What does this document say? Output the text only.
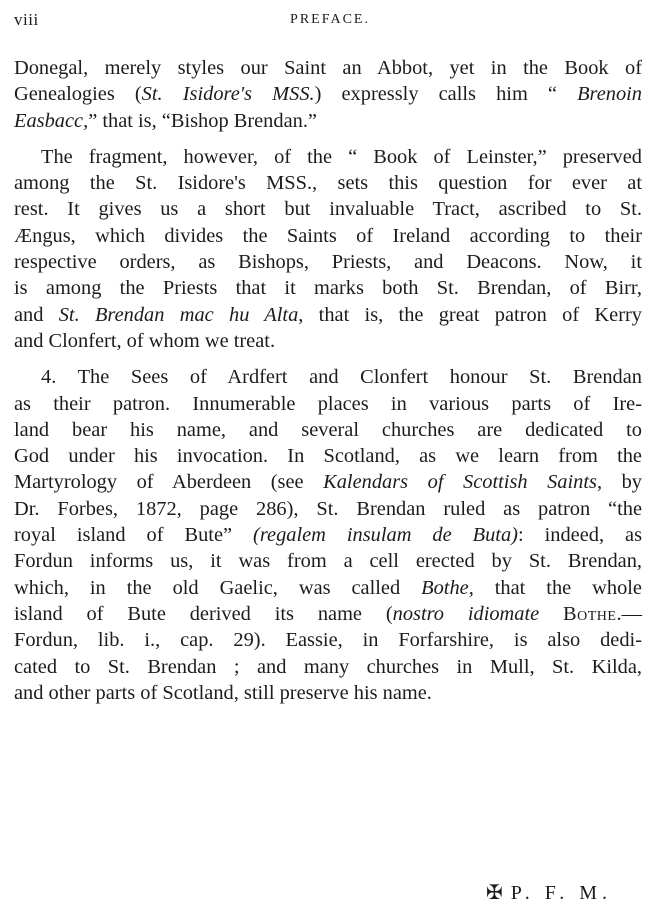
viii	PREFACE.
Donegal, merely styles our Saint an Abbot, yet in the Book of
Genealogies (St. Isidore's MSS.) expressly calls him “ Brenoin
Easbacc,” that is, “Bishop Brendan.”
The fragment, however, of the “ Book of Leinster,” preserved
among the St. Isidore's MSS., sets this question for ever at
rest. It gives us a short but invaluable Tract, ascribed to St.
Ængus, which divides the Saints of Ireland according to their
respective orders, as Bishops, Priests, and Deacons. Now, it
is among the Priests that it marks both St. Brendan, of Birr,
and St. Brendan mac hu Alta, that is, the great patron of Kerry
and Clonfert, of whom we treat.
4. The Sees of Ardfert and Clonfert honour St. Brendan
as their patron. Innumerable places in various parts of Ire-
land bear his name, and several churches are dedicated to
God under his invocation. In Scotland, as we learn from the
Martyrology of Aberdeen (see Kalendars of Scottish Saints, by
Dr. Forbes, 1872, page 286), St. Brendan ruled as patron “the
royal island of Bute” (regalem insulam de Buta): indeed, as
Fordun informs us, it was from a cell erected by St. Brendan,
which, in the old Gaelic, was called Bothe, that the whole
island of Bute derived its name (nostro idiomate Bothe.—
Fordun, lib. i., cap. 29). Eassie, in Forfarshire, is also dedi-
cated to St. Brendan ; and many churches in Mull, St. Kilda,
and other parts of Scotland, still preserve his name.
✠ P. F. M.
